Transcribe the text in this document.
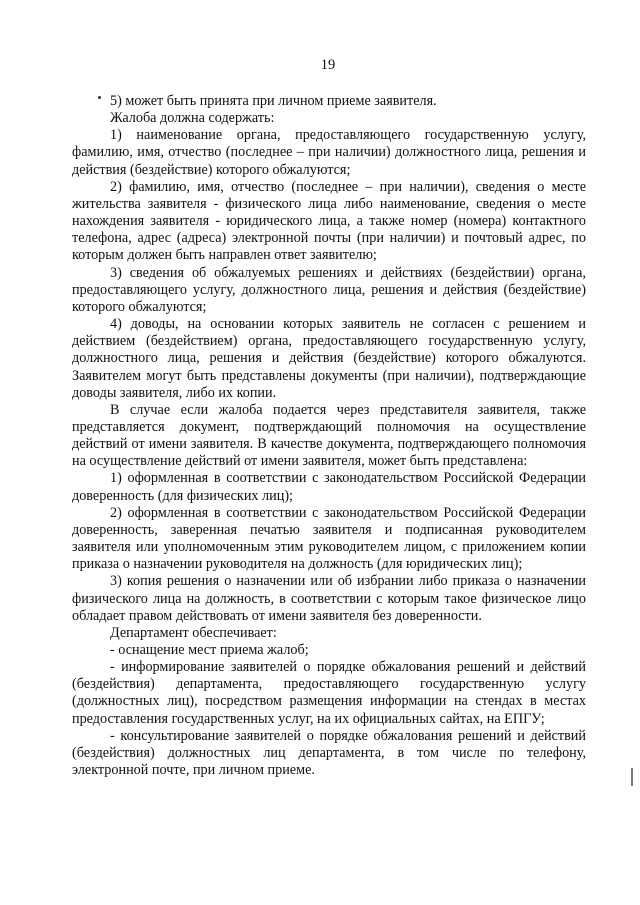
19

5) может быть принята при личном приеме заявителя.

Жалоба должна содержать:

1) наименование органа, предоставляющего государственную услугу, фамилию, имя, отчество (последнее – при наличии) должностного лица, решения и действия (бездействие) которого обжалуются;

2) фамилию, имя, отчество (последнее – при наличии), сведения о месте жительства заявителя - физического лица либо наименование, сведения о месте нахождения заявителя - юридического лица, а также номер (номера) контактного телефона, адрес (адреса) электронной почты (при наличии) и почтовый адрес, по которым должен быть направлен ответ заявителю;

3) сведения об обжалуемых решениях и действиях (бездействии) органа, предоставляющего услугу, должностного лица, решения и действия (бездействие) которого обжалуются;

4) доводы, на основании которых заявитель не согласен с решением и действием (бездействием) органа, предоставляющего государственную услугу, должностного лица, решения и действия (бездействие) которого обжалуются. Заявителем могут быть представлены документы (при наличии), подтверждающие доводы заявителя, либо их копии.

В случае если жалоба подается через представителя заявителя, также представляется документ, подтверждающий полномочия на осуществление действий от имени заявителя. В качестве документа, подтверждающего полномочия на осуществление действий от имени заявителя, может быть представлена:

1) оформленная в соответствии с законодательством Российской Федерации доверенность (для физических лиц);

2) оформленная в соответствии с законодательством Российской Федерации доверенность, заверенная печатью заявителя и подписанная руководителем заявителя или уполномоченным этим руководителем лицом, с приложением копии приказа о назначении руководителя на должность (для юридических лиц);

3) копия решения о назначении или об избрании либо приказа о назначении физического лица на должность, в соответствии с которым такое физическое лицо обладает правом действовать от имени заявителя без доверенности.

Департамент обеспечивает:

- оснащение мест приема жалоб;

- информирование заявителей о порядке обжалования решений и действий (бездействия) департамента, предоставляющего государственную услугу (должностных лиц), посредством размещения информации на стендах в местах предоставления государственных услуг, на их официальных сайтах, на ЕПГУ;

- консультирование заявителей о порядке обжалования решений и действий (бездействия) должностных лиц департамента, в том числе по телефону, электронной почте, при личном приеме.
